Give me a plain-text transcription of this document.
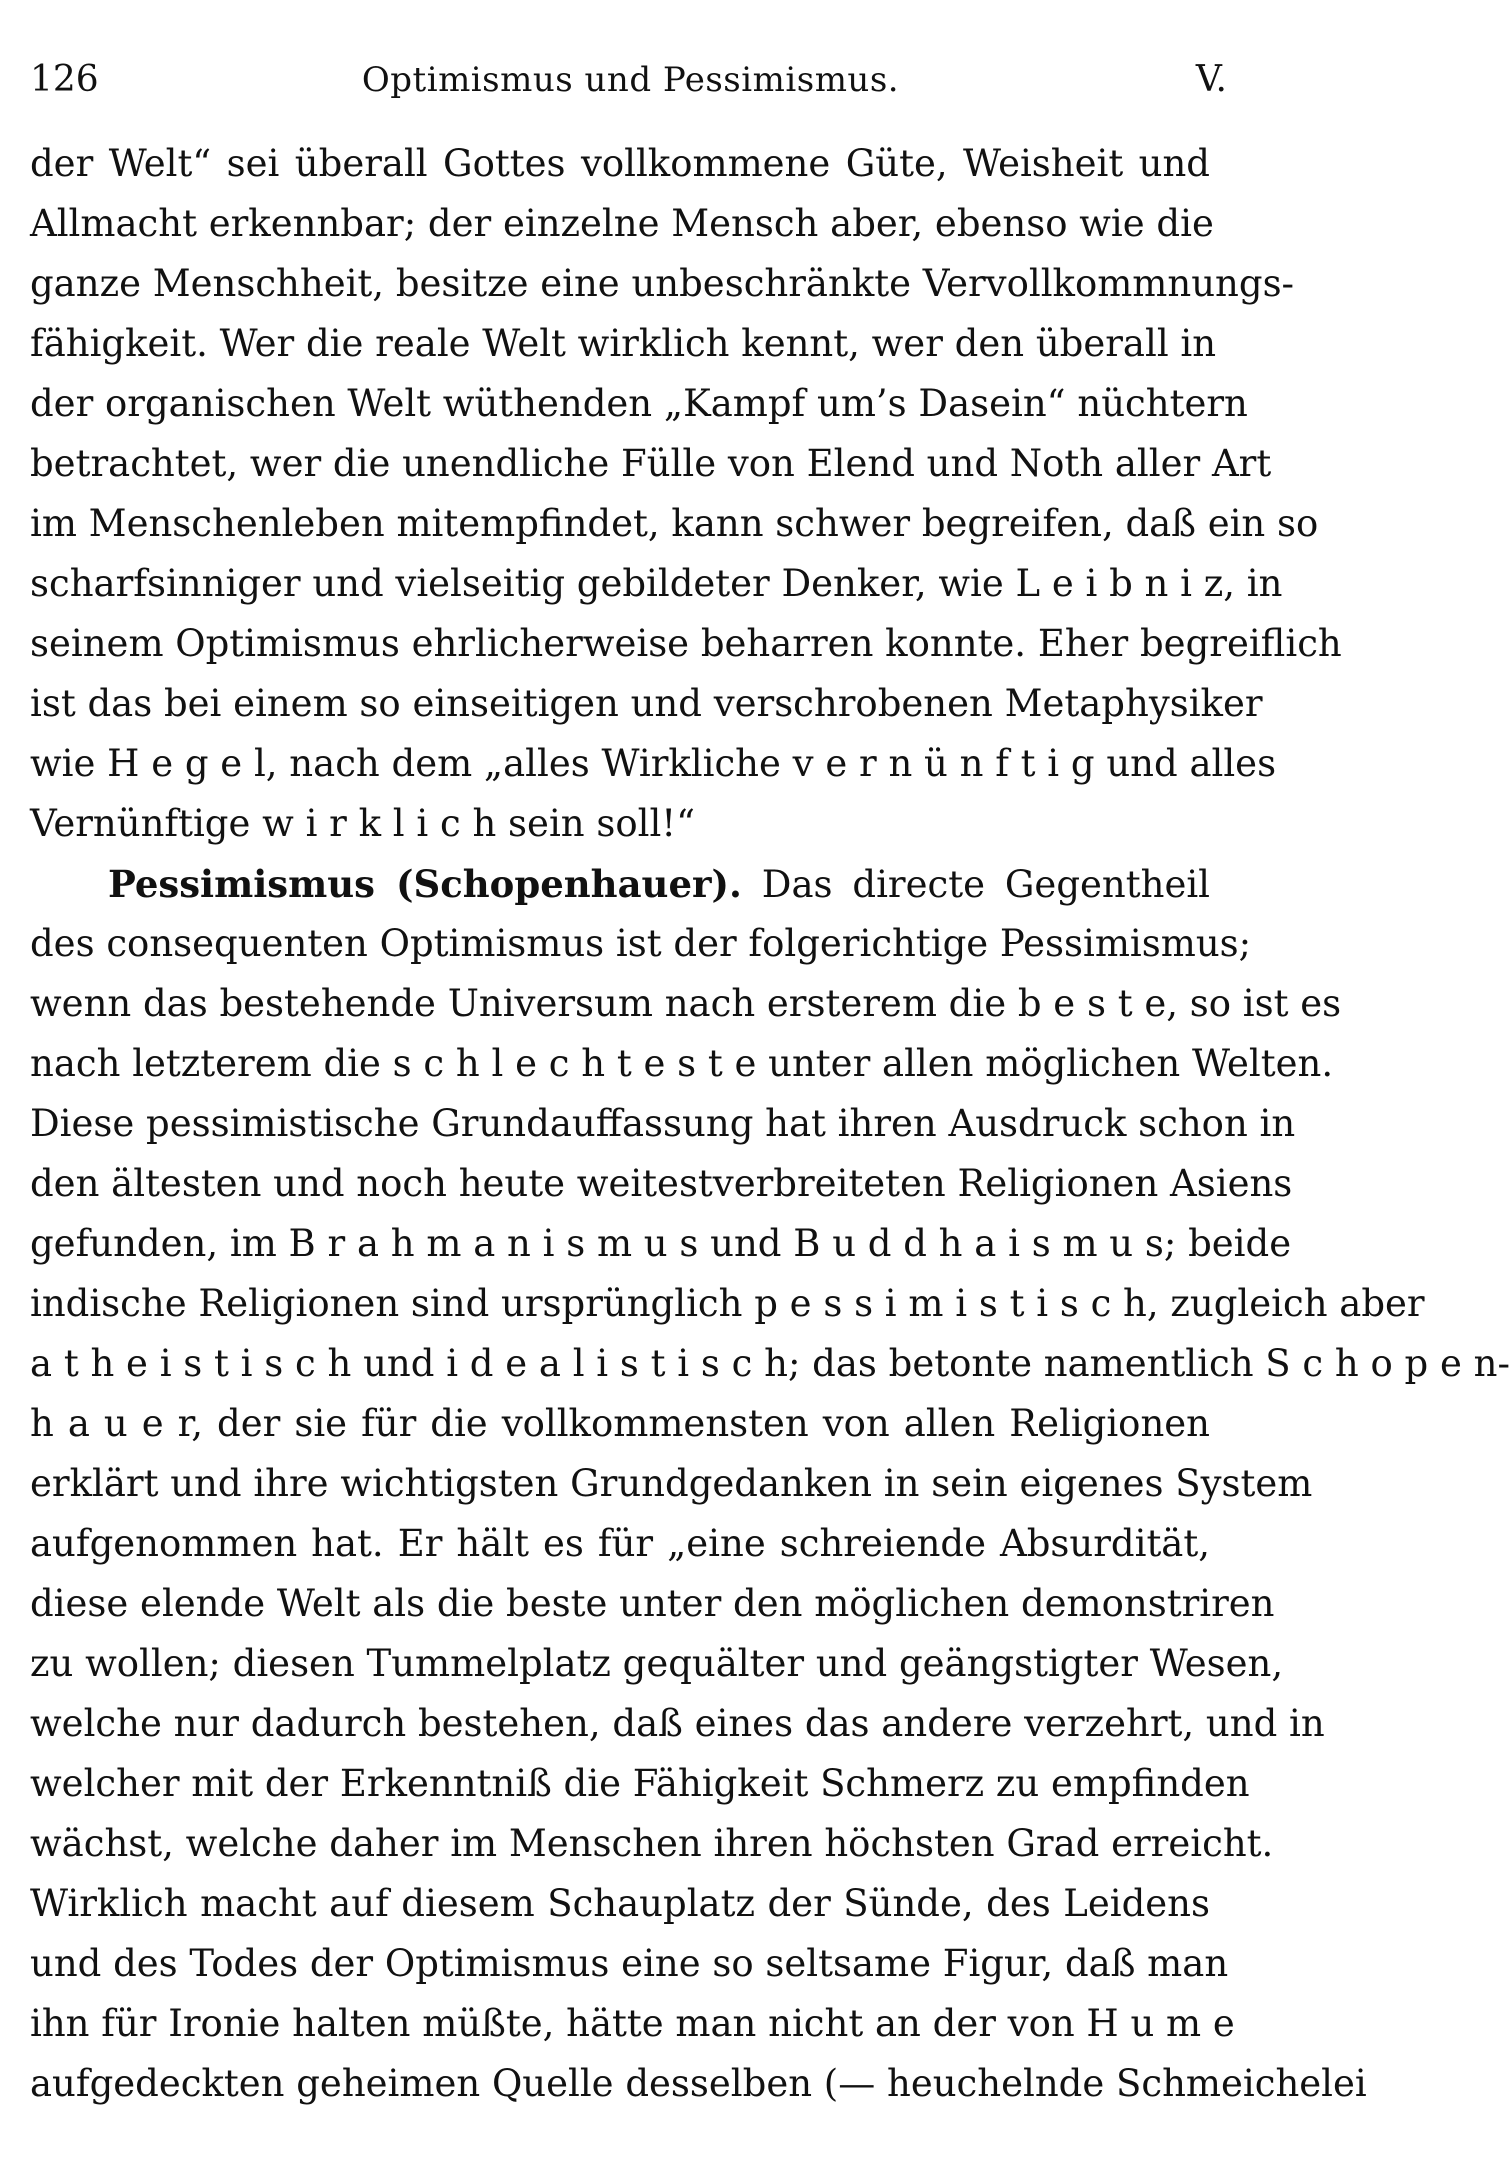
126	Optimismus und Pessimismus.	V.
der Welt“ sei überall Gottes vollkommene Güte, Weisheit und
Allmacht erkennbar; der einzelne Mensch aber, ebenso wie die
ganze Menschheit, besitze eine unbeschränkte Vervollkommnungs-
fähigkeit. Wer die reale Welt wirklich kennt, wer den überall in
der organischen Welt wüthenden „Kampf um’s Dasein“ nüchtern
betrachtet, wer die unendliche Fülle von Elend und Noth aller Art
im Menschenleben mitempfindet, kann schwer begreifen, daß ein so
scharfsinniger und vielseitig gebildeter Denker, wie L e i b n i z, in
seinem Optimismus ehrlicherweise beharren konnte. Eher begreiflich
ist das bei einem so einseitigen und verschrobenen Metaphysiker
wie H e g e l, nach dem „alles Wirkliche v e r n ü n f t i g und alles
Vernünftige w i r k l i c h sein soll!“
Pessimismus (Schopenhauer). Das directe Gegentheil
des consequenten Optimismus ist der folgerichtige Pessimismus;
wenn das bestehende Universum nach ersterem die b e s t e, so ist es
nach letzterem die s c h l e c h t e s t e unter allen möglichen Welten.
Diese pessimistische Grundauffassung hat ihren Ausdruck schon in
den ältesten und noch heute weitestverbreiteten Religionen Asiens
gefunden, im B r a h m a n i s m u s und B u d d h a i s m u s; beide
indische Religionen sind ursprünglich p e s s i m i s t i s c h, zugleich aber
a t h e i s t i s c h und i d e a l i s t i s c h; das betonte namentlich S c h o p e n-
h a u e r, der sie für die vollkommensten von allen Religionen
erklärt und ihre wichtigsten Grundgedanken in sein eigenes System
aufgenommen hat. Er hält es für „eine schreiende Absurdität,
diese elende Welt als die beste unter den möglichen demonstriren
zu wollen; diesen Tummelplatz gequälter und geängstigter Wesen,
welche nur dadurch bestehen, daß eines das andere verzehrt, und in
welcher mit der Erkenntniß die Fähigkeit Schmerz zu empfinden
wächst, welche daher im Menschen ihren höchsten Grad erreicht.
Wirklich macht auf diesem Schauplatz der Sünde, des Leidens
und des Todes der Optimismus eine so seltsame Figur, daß man
ihn für Ironie halten müßte, hätte man nicht an der von H u m e
aufgedeckten geheimen Quelle desselben (— heuchelnde Schmeichelei
